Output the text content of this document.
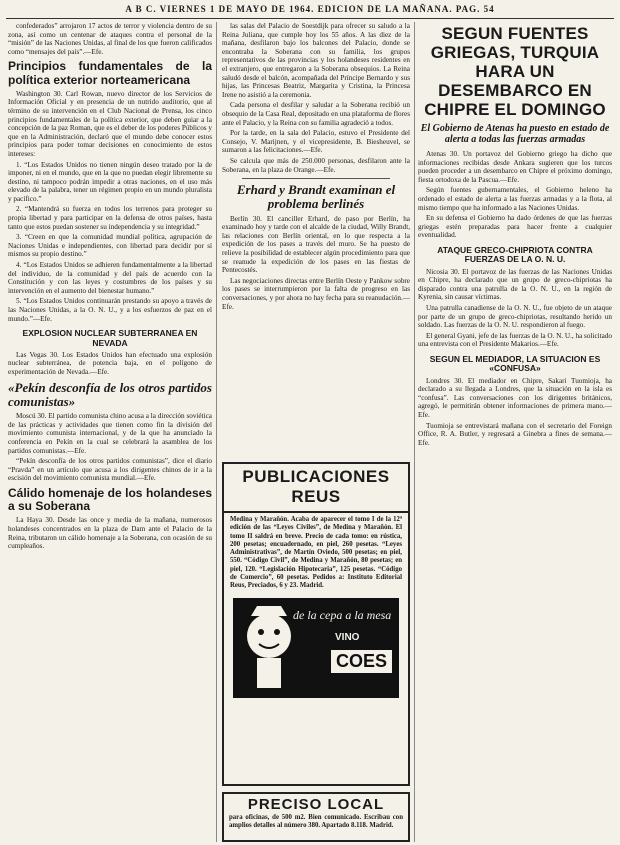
A B C. VIERNES 1 DE MAYO DE 1964. EDICION DE LA MAÑANA. PAG. 54

confederados” arrojaron 17 actos de terror y violencia dentro de su zona, así como un centenar de ataques contra el personal de la “misión” de las Naciones Unidas, al final de los que fueron calificados como “mensajes del país”.—Efe.

Principios fundamentales de la política exterior norteamericana

Washington 30. Carl Rowan, nuevo director de los Servicios de Información Oficial y en presencia de un nutrido auditorio, que al término de su intervención en el Club Nacional de Prensa, los cinco principios fundamentales de la política exterior, que deben guiar a la concepción de la paz Roman, que es el deber de los poderes Públicos y que en la Administración, declaró que el mundo debe conocer estos principios para poder tomar decisiones en conocimiento de estos intereses:

1. “Los Estados Unidos no tienen ningún deseo tratado por la de imponer, ni en el mundo, que en la que no puedan elegir libremente su destino, ni tampoco podrán impedir a otras naciones, en el uso más elevado de la palabra, tener un régimen propio en un mundo pluralista y pacífico.”

2. “Mantendrá su fuerza en todos los terrenos para proteger su propia libertad y para participar en la defensa de otros países, hasta tanto que estos puedan sostener su independencia y su integridad.”

3. “Creen en que la comunidad mundial política, agrupación de Naciones Unidas e independientes, con libertad para decidir por sí mismos su propio destino.”

4. “Los Estados Unidos se adhieren fundamentalmente a la libertad del individuo, de la comunidad y del país de acuerdo con la Constitución y con las leyes y costumbres de los países y su intervención en el aumento del bienestar humano.”

5. “Los Estados Unidos continuarán prestando su apoyo a través de las Naciones Unidas, a la O. N. U., y a los esfuerzos de paz en el mundo.”—Efe.

EXPLOSION NUCLEAR SUBTERRANEA EN NEVADA

Las Vegas 30. Los Estados Unidos han efectuado una explosión nuclear subterránea, de potencia baja, en el polígono de experimentación de Nevada.—Efe.

«Pekín desconfía de los otros partidos comunistas»

Moscú 30. El partido comunista chino acusa a la dirección soviética de las prácticas y actividades que tienen como fin la división del movimiento comunista internacional, y de la que ha anunciado la conferencia en Pekín en la cual se celebrará la asamblea de los partidos comunistas.—Efe.

“Pekín desconfía de los otros partidos comunistas”, dice el diario “Pravda” en un artículo que acusa a los dirigentes chinos de ir a la escisión del movimiento comunista mundial.—Efe.

Cálido homenaje de los holandeses a su Soberana

La Haya 30. Desde las once y media de la mañana, numerosos holandeses concentrados en la plaza de Dam ante el Palacio de la Reina, tributaron un cálido homenaje a la Soberana, con ocasión de su cumpleaños.

las salas del Palacio de Soestdijk para ofrecer su saludo a la Reina Juliana, que cumple hoy los 55 años. A las diez de la mañana, desfilaron bajo los balcones del Palacio, donde se encontraba la Soberana con su familia, los grupos representativos de las provincias y los holandeses residentes en el extranjero, que entregaron a la Soberana obsequios. La Reina saludó desde el balcón, acompañada del Príncipe Bernardo y sus hijas, las Princesas Beatriz, Margarita y Cristina, la Princesa Irene no asistió a la ceremonia.

Cada persona el desfilar y saludar a la Soberana recibió un obsequio de la Casa Real, depositado en una plataforma de flores ante el Palacio, y la Reina con su familia agradeció a todos.

Por la tarde, en la sala del Palacio, estuvo el Presidente del Consejo, V. Marijnen, y el vicepresidente, B. Biesheuvel, se sumaron a las felicitaciones.—Efe.

Se calcula que más de 250.000 personas, desfilaron ante la Soberana, en la plaza de Orange.—Efe.

Erhard y Brandt examinan el problema berlinés

Berlín 30. El canciller Erhard, de paso por Berlín, ha examinado hoy y tarde con el alcalde de la ciudad, Willy Brandt, las relaciones con Berlín oriental, en lo que respecta a la expedición de los pases a través del muro. Se ha puesto de relieve la posibilidad de establecer algún procedimiento para que se reanude la expedición de los pases en las fiestas de Pentecostés.

Las negociaciones directas entre Berlín Oeste y Pankow sobre los pases se interrumpieron por la falta de progreso en las conversaciones, y por ahora no hay fecha para su reanudación.—Efe.

PUBLICACIONES REUS
Medina y Marañón. Acaba de aparecer el tomo I de la 12ª edición de las “Leyes Civiles”, de Medina y Marañón. El tomo II saldrá en breve. Precio de cada tomo: en rústica, 200 pesetas; encuadernado, en piel, 260 pesetas. “Leyes Administrativas”, de Martín Oviedo, 500 pesetas; en piel, 550. “Código Civil”, de Medina y Marañón, 80 pesetas; en piel, 120. “Legislación Hipotecaria”, 125 pesetas. “Código de Comercio”, 60 pesetas. Pedidos a: Instituto Editorial Reus, Preciados, 6 y 23. Madrid.
de la cepa a la mesa
VINO
COES
PRECISO LOCAL
para oficinas, de 500 m2. Bien comunicado. Escribau con amplios detalles al número 380. Apartado 8.118. Madrid.
SEGUN FUENTES GRIEGAS, TURQUIA HARA UN DESEMBARCO EN CHIPRE EL DOMINGO
El Gobierno de Atenas ha puesto en estado de alerta a todas las fuerzas armadas

Atenas 30. Un portavoz del Gobierno griego ha dicho que informaciones recibidas desde Ankara sugieren que los turcos pueden proceder a un desembarco en Chipre el próximo domingo, fiesta ortodoxa de la Pascua.—Efe.

Según fuentes gubernamentales, el Gobierno heleno ha ordenado el estado de alerta a las fuerzas armadas y a la flota, al mismo tiempo que ha informado a las Naciones Unidas.

En su defensa el Gobierno ha dado órdenes de que las fuerzas griegas estén preparadas para hacer frente a cualquier eventualidad.

ATAQUE GRECO-CHIPRIOTA CONTRA FUERZAS DE LA O. N. U.

Nicosia 30. El portavoz de las fuerzas de las Naciones Unidas en Chipre, ha declarado que un grupo de greco-chipriotas ha disparado contra una patrulla de la O. N. U., en la región de Kyrenia, sin causar víctimas.

Una patrulla canadiense de la O. N. U., fue objeto de un ataque por parte de un grupo de greco-chipriotas, resultando herido un soldado. Las fuerzas de la O. N. U. respondieron al fuego.

El general Gyani, jefe de las fuerzas de la O. N. U., ha solicitado una entrevista con el Presidente Makarios.—Efe.

SEGUN EL MEDIADOR, LA SITUACION ES «CONFUSA»

Londres 30. El mediador en Chipre, Sakari Tuomioja, ha declarado a su llegada a Londres, que la situación en la isla es “confusa”. Las conversaciones con los dirigentes británicos, agregó, le permitirán obtener informaciones de primera mano.—Efe.

Tuomioja se entrevistará mañana con el secretario del Foreign Office, R. A. Butler, y regresará a Ginebra a fines de semana.—Efe.
